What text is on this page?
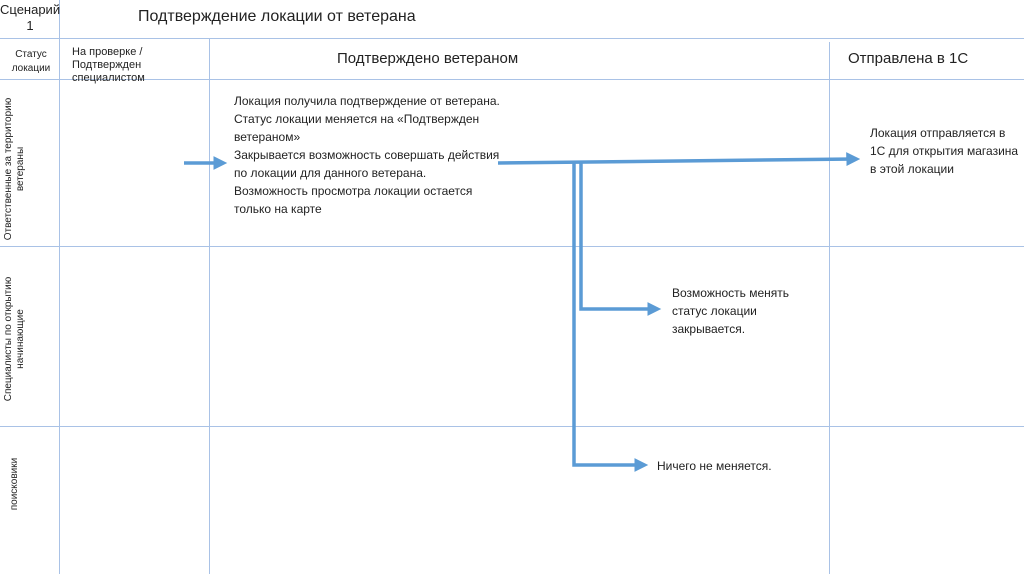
Сценарий 1
Подтверждение локации от ветерана
Статус локации
На проверке / Подтвержден специалистом
Подтверждено ветераном	Отправлена в 1С
Ответственные за территорию ветераны
Специалисты по открытию начинающие
поисковики
Локация получила подтверждение от ветерана.
Статус локации меняется на «Подтвержден ветераном»
Закрывается возможность совершать действия по локации для данного ветерана. Возможность просмотра локации остается только на карте
Локация отправляется в 1С для открытия магазина в этой локации
Возможность менять статус локации закрывается.
Ничего не меняется.
